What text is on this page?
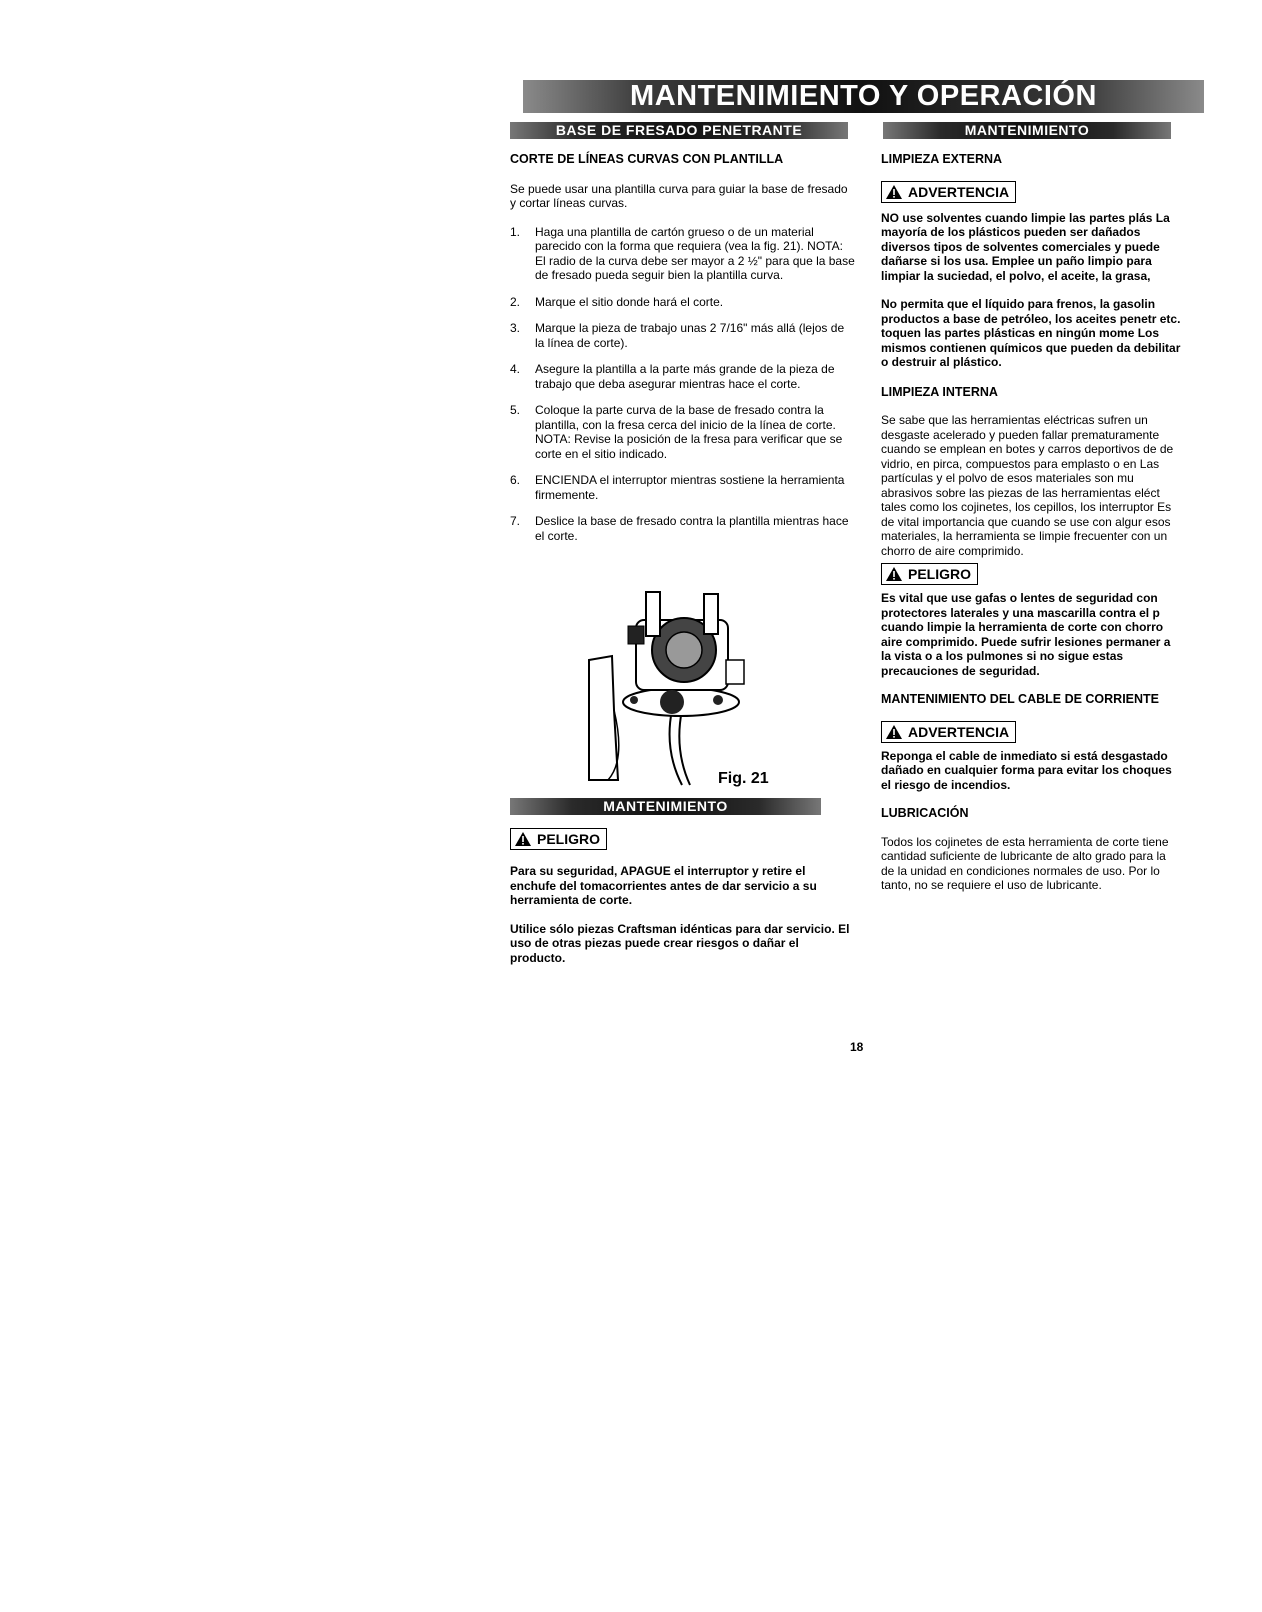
MANTENIMIENTO Y OPERACIÓN
BASE DE FRESADO PENETRANTE

CORTE DE LÍNEAS CURVAS CON PLANTILLA

Se puede usar una plantilla curva para guiar la base de fresado y cortar líneas curvas.

1. Haga una plantilla de cartón grueso o de un material parecido con la forma que requiera (vea la fig. 21). NOTA: El radio de la curva debe ser mayor a 2 ½" para que la base de fresado pueda seguir bien la plantilla curva.
2. Marque el sitio donde hará el corte.
3. Marque la pieza de trabajo unas 2 7/16" más allá (lejos de la línea de corte).
4. Asegure la plantilla a la parte más grande de la pieza de trabajo que deba asegurar mientras hace el corte.
5. Coloque la parte curva de la base de fresado contra la plantilla, con la fresa cerca del inicio de la línea de corte. NOTA: Revise la posición de la fresa para verificar que se corte en el sitio indicado.
6. ENCIENDA el interruptor mientras sostiene la herramienta firmemente.
7. Deslice la base de fresado contra la plantilla mientras hace el corte.
Fig. 21
MANTENIMIENTO
PELIGRO

Para su seguridad, APAGUE el interruptor y retire el enchufe del tomacorrientes antes de dar servicio a su herramienta de corte.

Utilice sólo piezas Craftsman idénticas para dar servicio. El uso de otras piezas puede crear riesgos o dañar el producto.

MANTENIMIENTO

LIMPIEZA EXTERNA

ADVERTENCIA

NO use solventes cuando limpie las partes plás La mayoría de los plásticos pueden ser dañados diversos tipos de solventes comerciales y puede dañarse si los usa. Emplee un paño limpio para limpiar la suciedad, el polvo, el aceite, la grasa,

No permita que el líquido para frenos, la gasolin productos a base de petróleo, los aceites penetr etc. toquen las partes plásticas en ningún mome Los mismos contienen químicos que pueden da debilitar o destruir al plástico.

LIMPIEZA INTERNA

Se sabe que las herramientas eléctricas sufren un desgaste acelerado y pueden fallar prematuramente cuando se emplean en botes y carros deportivos de de vidrio, en pirca, compuestos para emplasto o en Las partículas y el polvo de esos materiales son mu abrasivos sobre las piezas de las herramientas eléct tales como los cojinetes, los cepillos, los interruptor Es de vital importancia que cuando se use con algur esos materiales, la herramienta se limpie frecuenter con un chorro de aire comprimido.

PELIGRO

Es vital que use gafas o lentes de seguridad con protectores laterales y una mascarilla contra el p cuando limpie la herramienta de corte con chorro aire comprimido. Puede sufrir lesiones permaner a la vista o a los pulmones si no sigue estas precauciones de seguridad.

MANTENIMIENTO DEL CABLE DE CORRIENTE

ADVERTENCIA

Reponga el cable de inmediato si está desgastado dañado en cualquier forma para evitar los choques el riesgo de incendios.

LUBRICACIÓN

Todos los cojinetes de esta herramienta de corte tiene cantidad suficiente de lubricante de alto grado para la de la unidad en condiciones normales de uso. Por lo tanto, no se requiere el uso de lubricante.

18
